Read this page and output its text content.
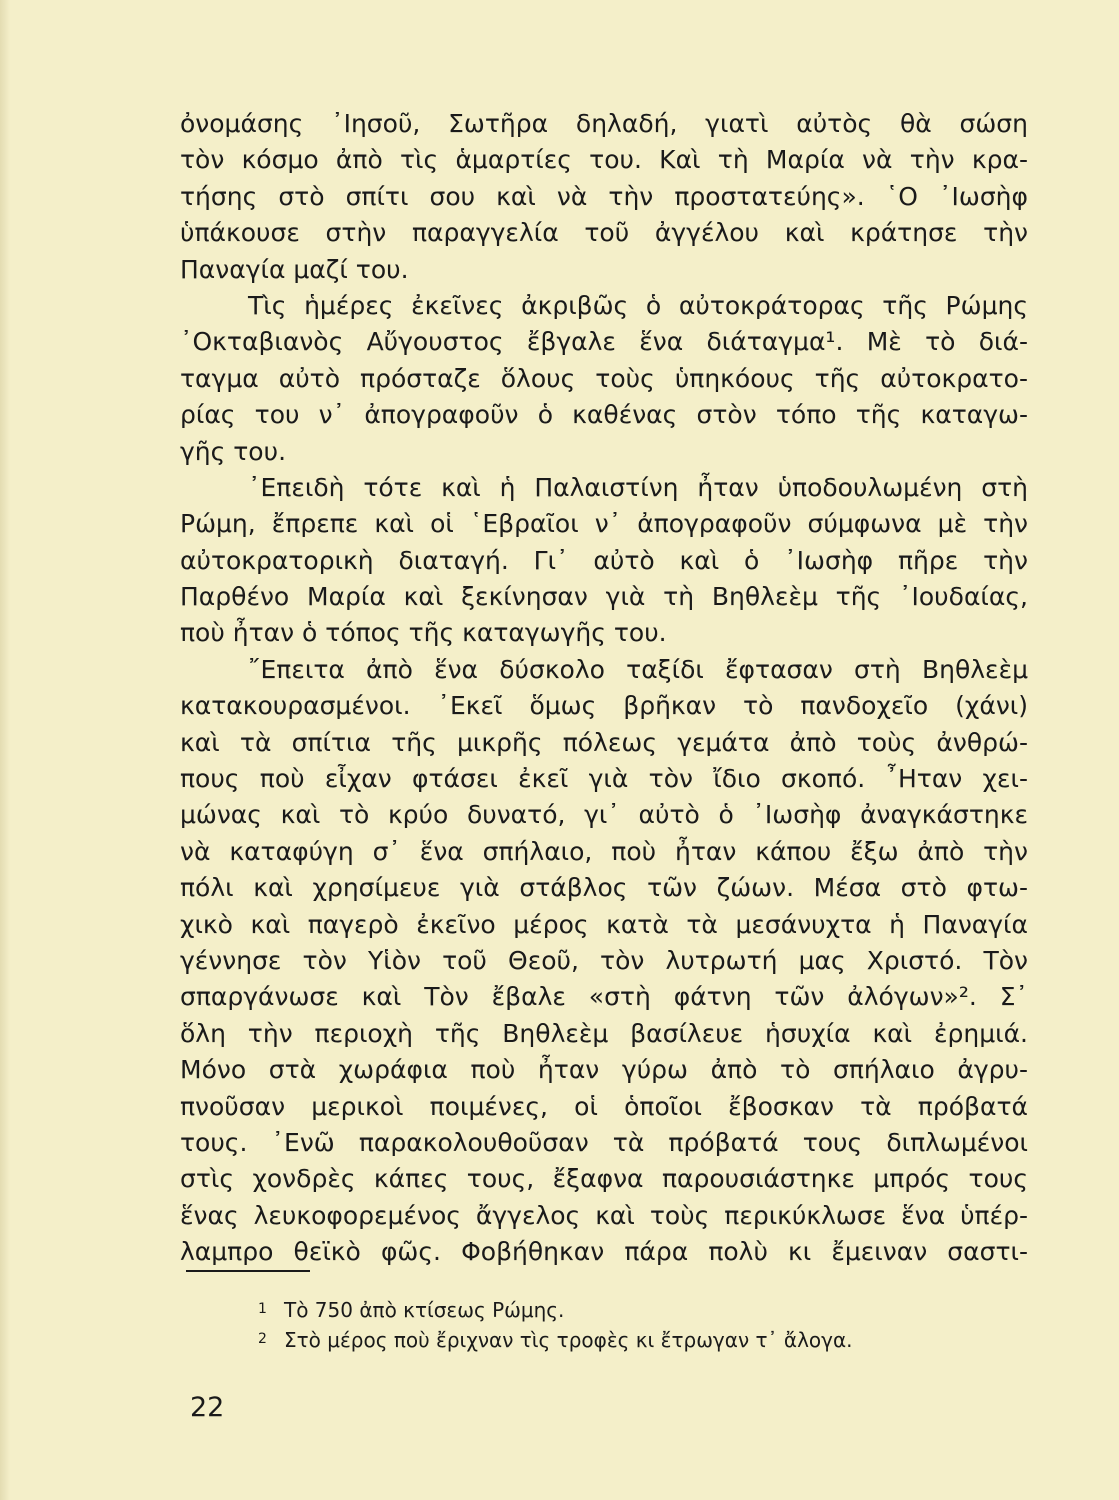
ὀνομάσης ᾿Ιησοῦ, Σωτῆρα δηλαδή, γιατὶ αὐτὸς θὰ σώση
τὸν κόσμο ἀπὸ τὶς ἁμαρτίες του. Καὶ τὴ Μαρία νὰ τὴν κρα-
τήσης στὸ σπίτι σου καὶ νὰ τὴν προστατεύης». ῾Ο ᾿Ιωσὴφ
ὑπάκουσε στὴν παραγγελία τοῦ ἀγγέλου καὶ κράτησε τὴν
Παναγία μαζί του.
Τὶς ἡμέρες ἐκεῖνες ἀκριβῶς ὁ αὐτοκράτορας τῆς Ρώμης
᾿Οκταβιανὸς Αὔγουστος ἔβγαλε ἕνα διάταγμα¹. Μὲ τὸ διά-
ταγμα αὐτὸ πρόσταζε ὅλους τοὺς ὑπηκόους τῆς αὐτοκρατο-
ρίας του ν᾿ ἀπογραφοῦν ὁ καθένας στὸν τόπο τῆς καταγω-
γῆς του.
᾿Επειδὴ τότε καὶ ἡ Παλαιστίνη ἦταν ὑποδουλωμένη στὴ
Ρώμη, ἔπρεπε καὶ οἱ ῾Εβραῖοι ν᾿ ἀπογραφοῦν σύμφωνα μὲ τὴν
αὐτοκρατορικὴ διαταγή. Γι᾿ αὐτὸ καὶ ὁ ᾿Ιωσὴφ πῆρε τὴν
Παρθένο Μαρία καὶ ξεκίνησαν γιὰ τὴ Βηθλεὲμ τῆς ᾿Ιουδαίας,
ποὺ ἦταν ὁ τόπος τῆς καταγωγῆς του.
῎Επειτα ἀπὸ ἕνα δύσκολο ταξίδι ἔφτασαν στὴ Βηθλεὲμ
κατακουρασμένοι. ᾿Εκεῖ ὅμως βρῆκαν τὸ πανδοχεῖο (χάνι)
καὶ τὰ σπίτια τῆς μικρῆς πόλεως γεμάτα ἀπὸ τοὺς ἀνθρώ-
πους ποὺ εἶχαν φτάσει ἐκεῖ γιὰ τὸν ἴδιο σκοπό. ῏Ηταν χει-
μώνας καὶ τὸ κρύο δυνατό, γι᾿ αὐτὸ ὁ ᾿Ιωσὴφ ἀναγκάστηκε
νὰ καταφύγη σ᾿ ἕνα σπήλαιο, ποὺ ἦταν κάπου ἔξω ἀπὸ τὴν
πόλι καὶ χρησίμευε γιὰ στάβλος τῶν ζώων. Μέσα στὸ φτω-
χικὸ καὶ παγερὸ ἐκεῖνο μέρος κατὰ τὰ μεσάνυχτα ἡ Παναγία
γέννησε τὸν Υἱὸν τοῦ Θεοῦ, τὸν λυτρωτή μας Χριστό. Τὸν
σπαργάνωσε καὶ Τὸν ἔβαλε «στὴ φάτνη τῶν ἀλόγων»². Σ᾿
ὅλη τὴν περιοχὴ τῆς Βηθλεὲμ βασίλευε ἡσυχία καὶ ἐρημιά.
Μόνο στὰ χωράφια ποὺ ἦταν γύρω ἀπὸ τὸ σπήλαιο ἀγρυ-
πνοῦσαν μερικοὶ ποιμένες, οἱ ὁποῖοι ἔβοσκαν τὰ πρόβατά
τους. ᾿Ενῶ παρακολουθοῦσαν τὰ πρόβατά τους διπλωμένοι
στὶς χονδρὲς κάπες τους, ἔξαφνα παρουσιάστηκε μπρός τους
ἕνας λευκοφορεμένος ἄγγελος καὶ τοὺς περικύκλωσε ἕνα ὑπέρ-
λαμπρο θεϊκὸ φῶς. Φοβήθηκαν πάρα πολὺ κι ἔμειναν σαστι-
1 Τὸ 750 ἀπὸ κτίσεως Ρώμης.
2 Στὸ μέρος ποὺ ἔριχναν τὶς τροφὲς κι ἔτρωγαν τ᾿ ἄλογα.
22
